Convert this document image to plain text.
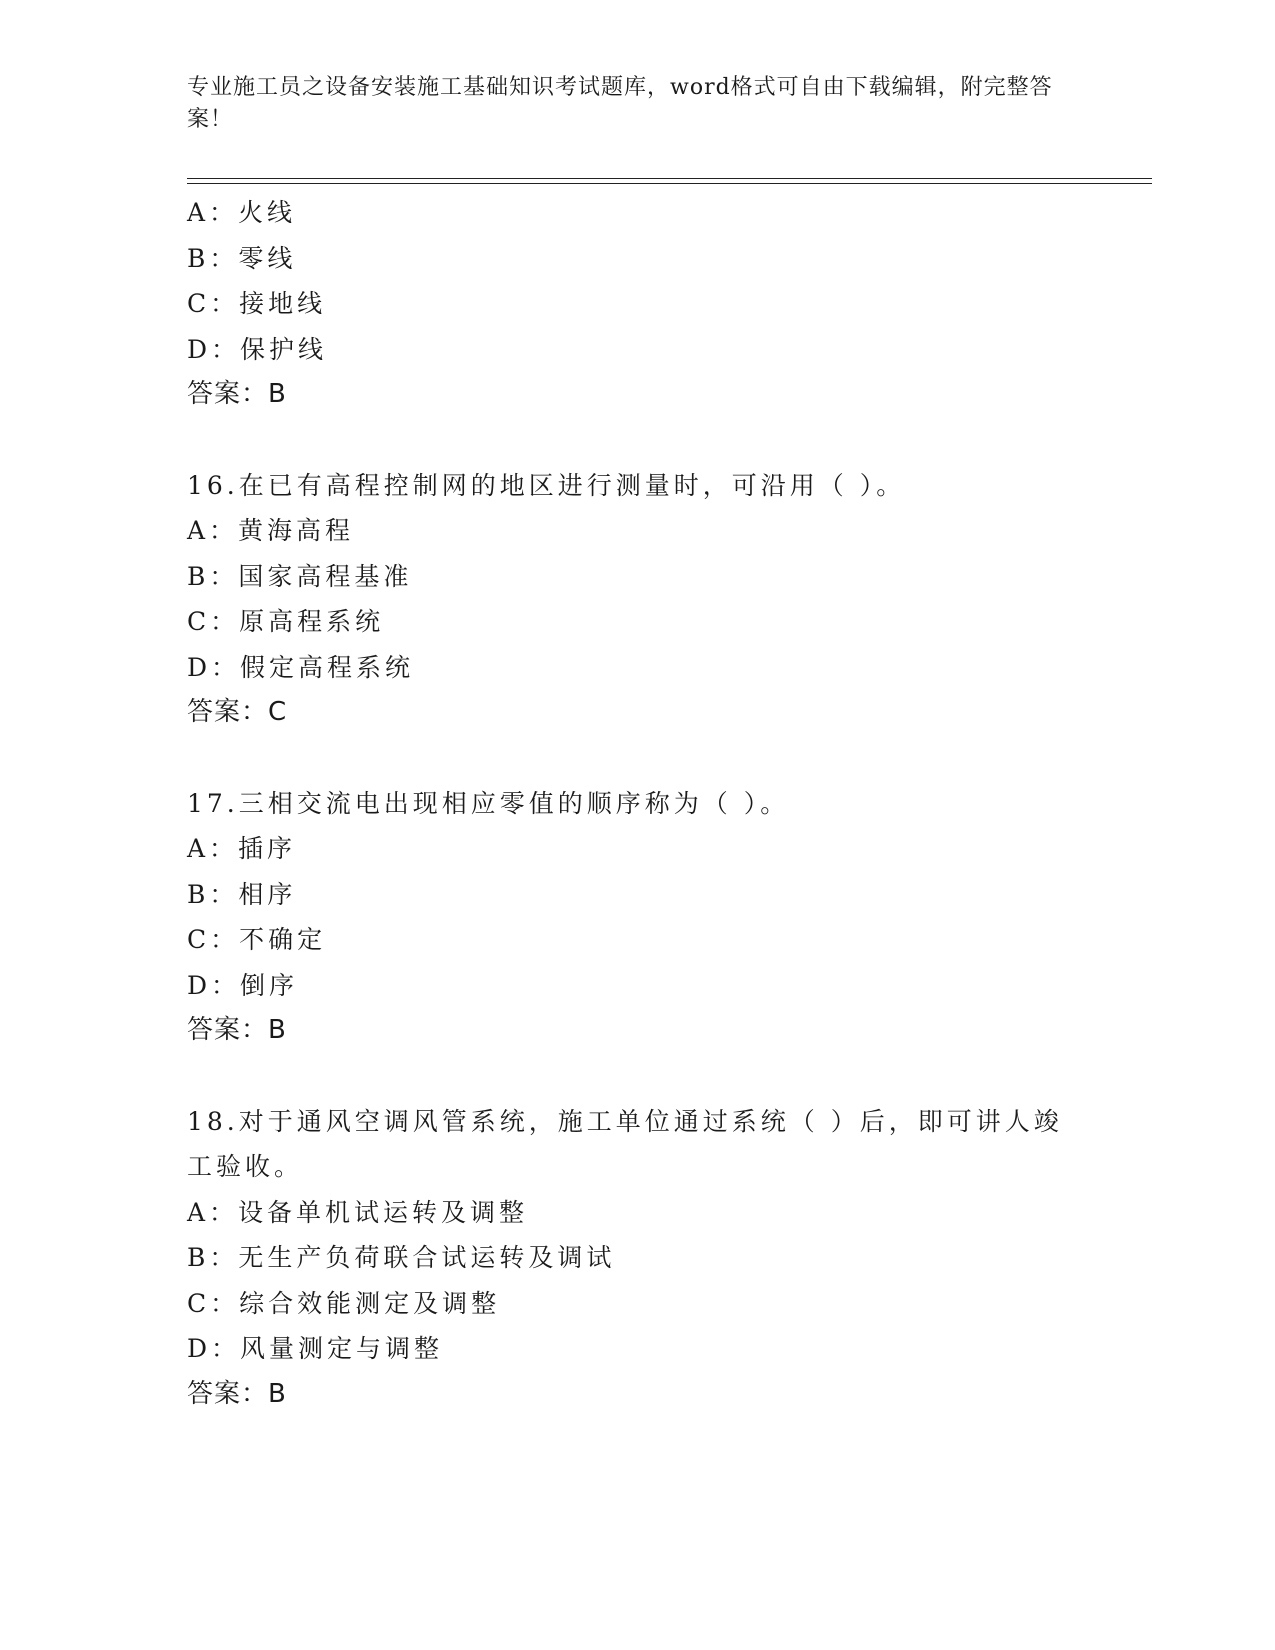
专业施工员之设备安装施工基础知识考试题库，word格式可自由下载编辑，附完整答案！
A：火线
B：零线
C：接地线
D：保护线
答案：B
16.在已有高程控制网的地区进行测量时，可沿用（ ）。
A：黄海高程
B：国家高程基准
C：原高程系统
D：假定高程系统
答案：C
17.三相交流电出现相应零值的顺序称为（ ）。
A：插序
B：相序
C：不确定
D：倒序
答案：B
18.对于通风空调风管系统，施工单位通过系统（ ）后，即可讲人竣工验收。
A：设备单机试运转及调整
B：无生产负荷联合试运转及调试
C：综合效能测定及调整
D：风量测定与调整
答案：B
